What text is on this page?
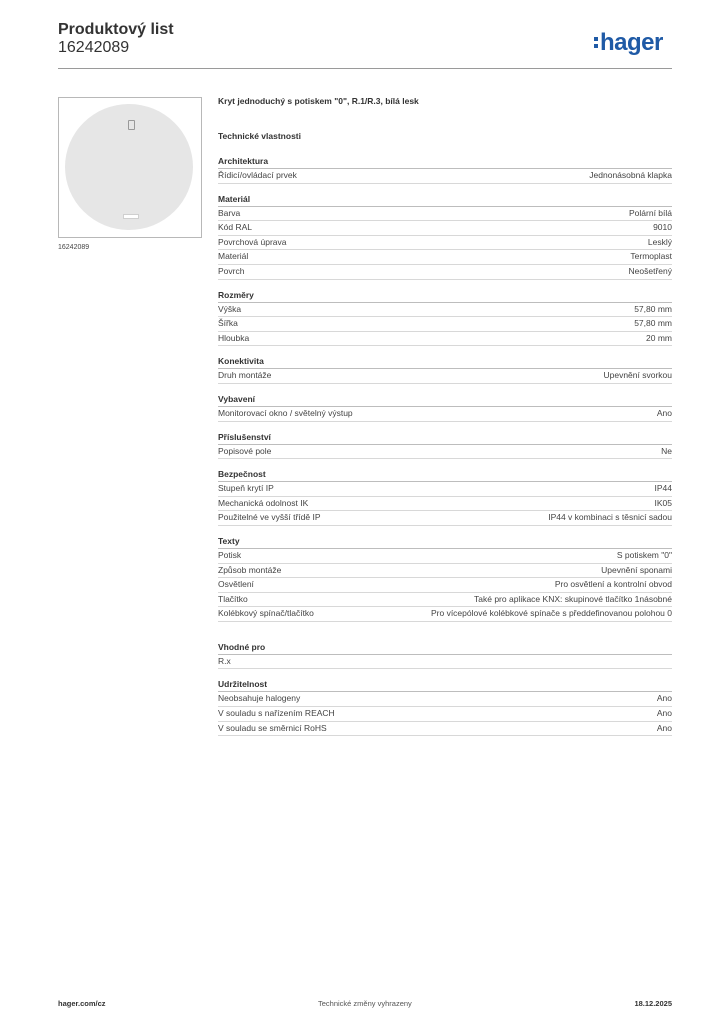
Produktový list
16242089	hager
16242089
Kryt jednoduchý s potiskem "0", R.1/R.3, bílá lesk
Technické vlastnosti
Architektura
Řídicí/ovládací prvek	Jednonásobná klapka
Materiál
Barva	Polární bílá
Kód RAL	9010
Povrchová úprava	Lesklý
Materiál	Termoplast
Povrch	Neošetřený
Rozměry
Výška	57,80 mm
Šířka	57,80 mm
Hloubka	20 mm
Konektivita
Druh montáže	Upevnění svorkou
Vybavení
Monitorovací okno / světelný výstup	Ano
Příslušenství
Popisové pole	Ne
Bezpečnost
Stupeň krytí IP	IP44
Mechanická odolnost IK	IK05
Použitelné ve vyšší třídě IP	IP44 v kombinaci s těsnicí sadou
Texty
Potisk	S potiskem "0"
Způsob montáže	Upevnění sponami
Osvětlení	Pro osvětlení a kontrolní obvod
Tlačítko	Také pro aplikace KNX: skupinové tlačítko 1násobné
Kolébkový spínač/tlačítko	Pro vícepólové kolébkové spínače s předdefinovanou polohou 0
Vhodné pro
R.x
Udržitelnost
Neobsahuje halogeny	Ano
V souladu s nařízením REACH	Ano
V souladu se směrnicí RoHS	Ano
hager.com/cz	Technické změny vyhrazeny	18.12.2025
